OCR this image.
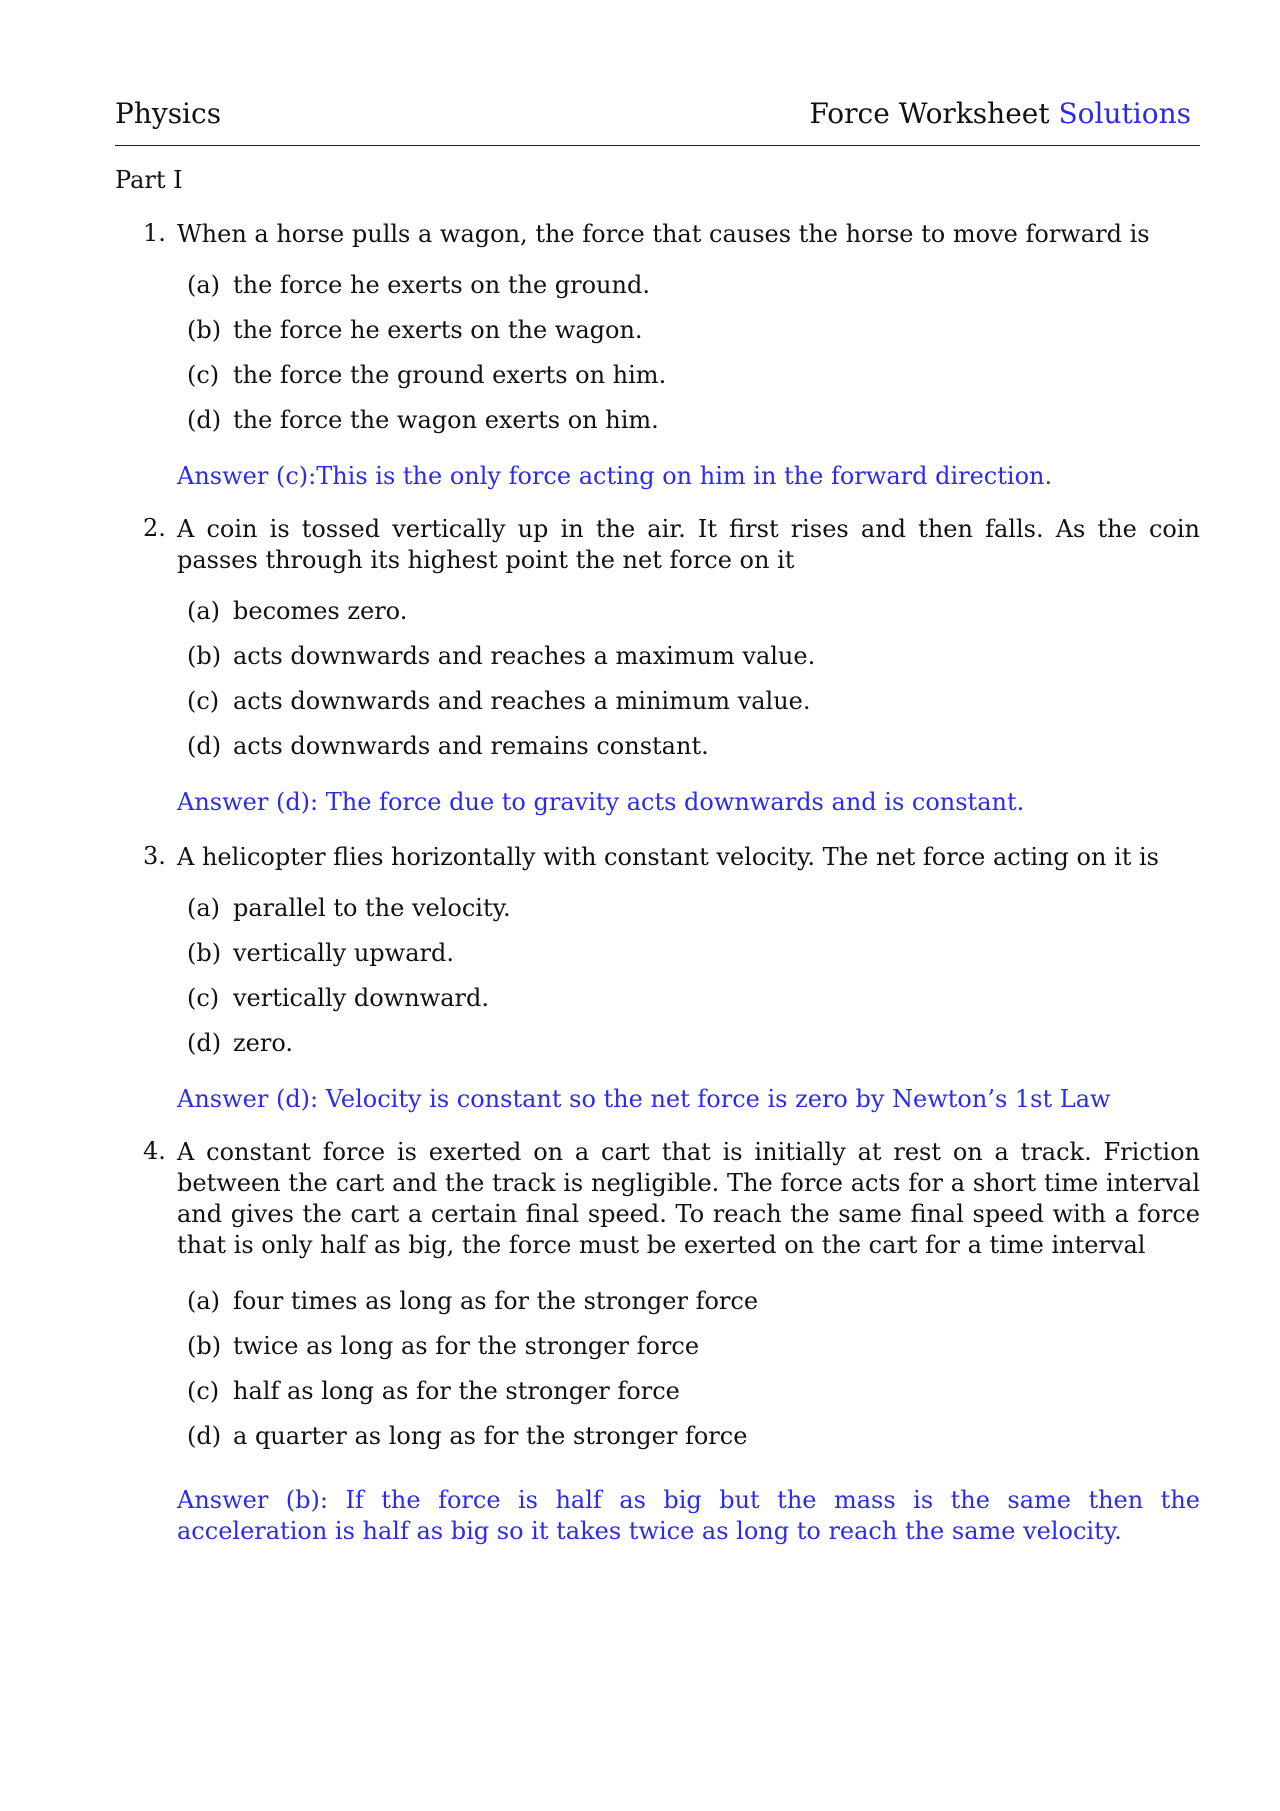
Physics	Force Worksheet Solutions
Part I
1. When a horse pulls a wagon, the force that causes the horse to move forward is
(a) the force he exerts on the ground.
(b) the force he exerts on the wagon.
(c) the force the ground exerts on him.
(d) the force the wagon exerts on him.
Answer (c):This is the only force acting on him in the forward direction.
2. A coin is tossed vertically up in the air. It first rises and then falls. As the coin passes through its highest point the net force on it
(a) becomes zero.
(b) acts downwards and reaches a maximum value.
(c) acts downwards and reaches a minimum value.
(d) acts downwards and remains constant.
Answer (d): The force due to gravity acts downwards and is constant.
3. A helicopter flies horizontally with constant velocity. The net force acting on it is
(a) parallel to the velocity.
(b) vertically upward.
(c) vertically downward.
(d) zero.
Answer (d): Velocity is constant so the net force is zero by Newton’s 1st Law
4. A constant force is exerted on a cart that is initially at rest on a track. Friction between the cart and the track is negligible. The force acts for a short time interval and gives the cart a certain final speed. To reach the same final speed with a force that is only half as big, the force must be exerted on the cart for a time interval
(a) four times as long as for the stronger force
(b) twice as long as for the stronger force
(c) half as long as for the stronger force
(d) a quarter as long as for the stronger force
Answer (b): If the force is half as big but the mass is the same then the acceleration is half as big so it takes twice as long to reach the same velocity.
